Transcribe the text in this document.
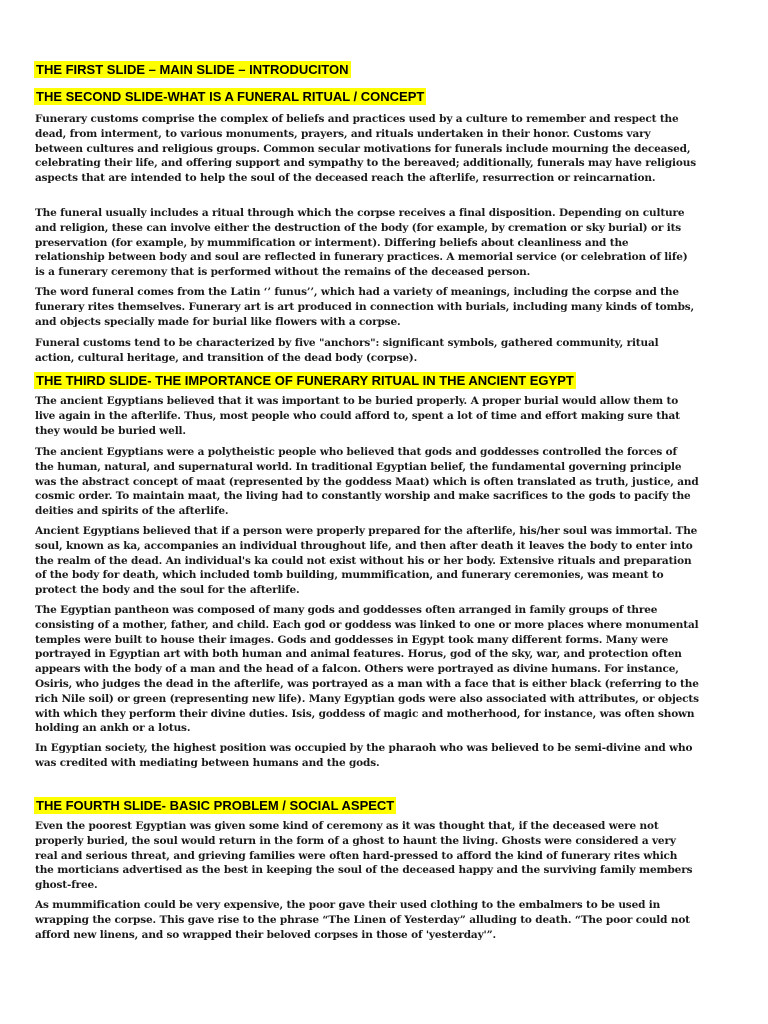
THE FIRST SLIDE – MAIN SLIDE – INTRODUCITON
THE SECOND SLIDE-WHAT IS A FUNERAL RITUAL / CONCEPT
Funerary customs comprise the complex of beliefs and practices used by a culture to remember and respect the dead, from interment, to various monuments, prayers, and rituals undertaken in their honor. Customs vary between cultures and religious groups. Common secular motivations for funerals include mourning the deceased, celebrating their life, and offering support and sympathy to the bereaved; additionally, funerals may have religious aspects that are intended to help the soul of the deceased reach the afterlife, resurrection or reincarnation.
The funeral usually includes a ritual through which the corpse receives a final disposition. Depending on culture and religion, these can involve either the destruction of the body (for example, by cremation or sky burial) or its preservation (for example, by mummification or interment). Differing beliefs about cleanliness and the relationship between body and soul are reflected in funerary practices. A memorial service (or celebration of life) is a funerary ceremony that is performed without the remains of the deceased person.
The word funeral comes from the Latin ‘’ funus’’, which had a variety of meanings, including the corpse and the funerary rites themselves. Funerary art is art produced in connection with burials, including many kinds of tombs, and objects specially made for burial like flowers with a corpse.
Funeral customs tend to be characterized by five "anchors": significant symbols, gathered community, ritual action, cultural heritage, and transition of the dead body (corpse).
THE THIRD SLIDE- THE IMPORTANCE OF FUNERARY RITUAL IN THE ANCIENT EGYPT
The ancient Egyptians believed that it was important to be buried properly. A proper burial would allow them to live again in the afterlife. Thus, most people who could afford to, spent a lot of time and effort making sure that they would be buried well.
The ancient Egyptians were a polytheistic people who believed that gods and goddesses controlled the forces of the human, natural, and supernatural world. In traditional Egyptian belief, the fundamental governing principle was the abstract concept of maat (represented by the goddess Maat) which is often translated as truth, justice, and cosmic order. To maintain maat, the living had to constantly worship and make sacrifices to the gods to pacify the deities and spirits of the afterlife.
Ancient Egyptians believed that if a person were properly prepared for the afterlife, his/her soul was immortal. The soul, known as ka, accompanies an individual throughout life, and then after death it leaves the body to enter into the realm of the dead. An individual's ka could not exist without his or her body. Extensive rituals and preparation of the body for death, which included tomb building, mummification, and funerary ceremonies, was meant to protect the body and the soul for the afterlife.
The Egyptian pantheon was composed of many gods and goddesses often arranged in family groups of three consisting of a mother, father, and child. Each god or goddess was linked to one or more places where monumental temples were built to house their images. Gods and goddesses in Egypt took many different forms. Many were portrayed in Egyptian art with both human and animal features. Horus, god of the sky, war, and protection often appears with the body of a man and the head of a falcon. Others were portrayed as divine humans. For instance, Osiris, who judges the dead in the afterlife, was portrayed as a man with a face that is either black (referring to the rich Nile soil) or green (representing new life). Many Egyptian gods were also associated with attributes, or objects with which they perform their divine duties. Isis, goddess of magic and motherhood, for instance, was often shown holding an ankh or a lotus.
In Egyptian society, the highest position was occupied by the pharaoh who was believed to be semi-divine and who was credited with mediating between humans and the gods.
THE FOURTH SLIDE- BASIC PROBLEM / SOCIAL ASPECT
Even the poorest Egyptian was given some kind of ceremony as it was thought that, if the deceased were not properly buried, the soul would return in the form of a ghost to haunt the living. Ghosts were considered a very real and serious threat, and grieving families were often hard-pressed to afford the kind of funerary rites which the morticians advertised as the best in keeping the soul of the deceased happy and the surviving family members ghost-free.
As mummification could be very expensive, the poor gave their used clothing to the embalmers to be used in wrapping the corpse. This gave rise to the phrase “The Linen of Yesterday” alluding to death. “The poor could not afford new linens, and so wrapped their beloved corpses in those of 'yesterday'”.
